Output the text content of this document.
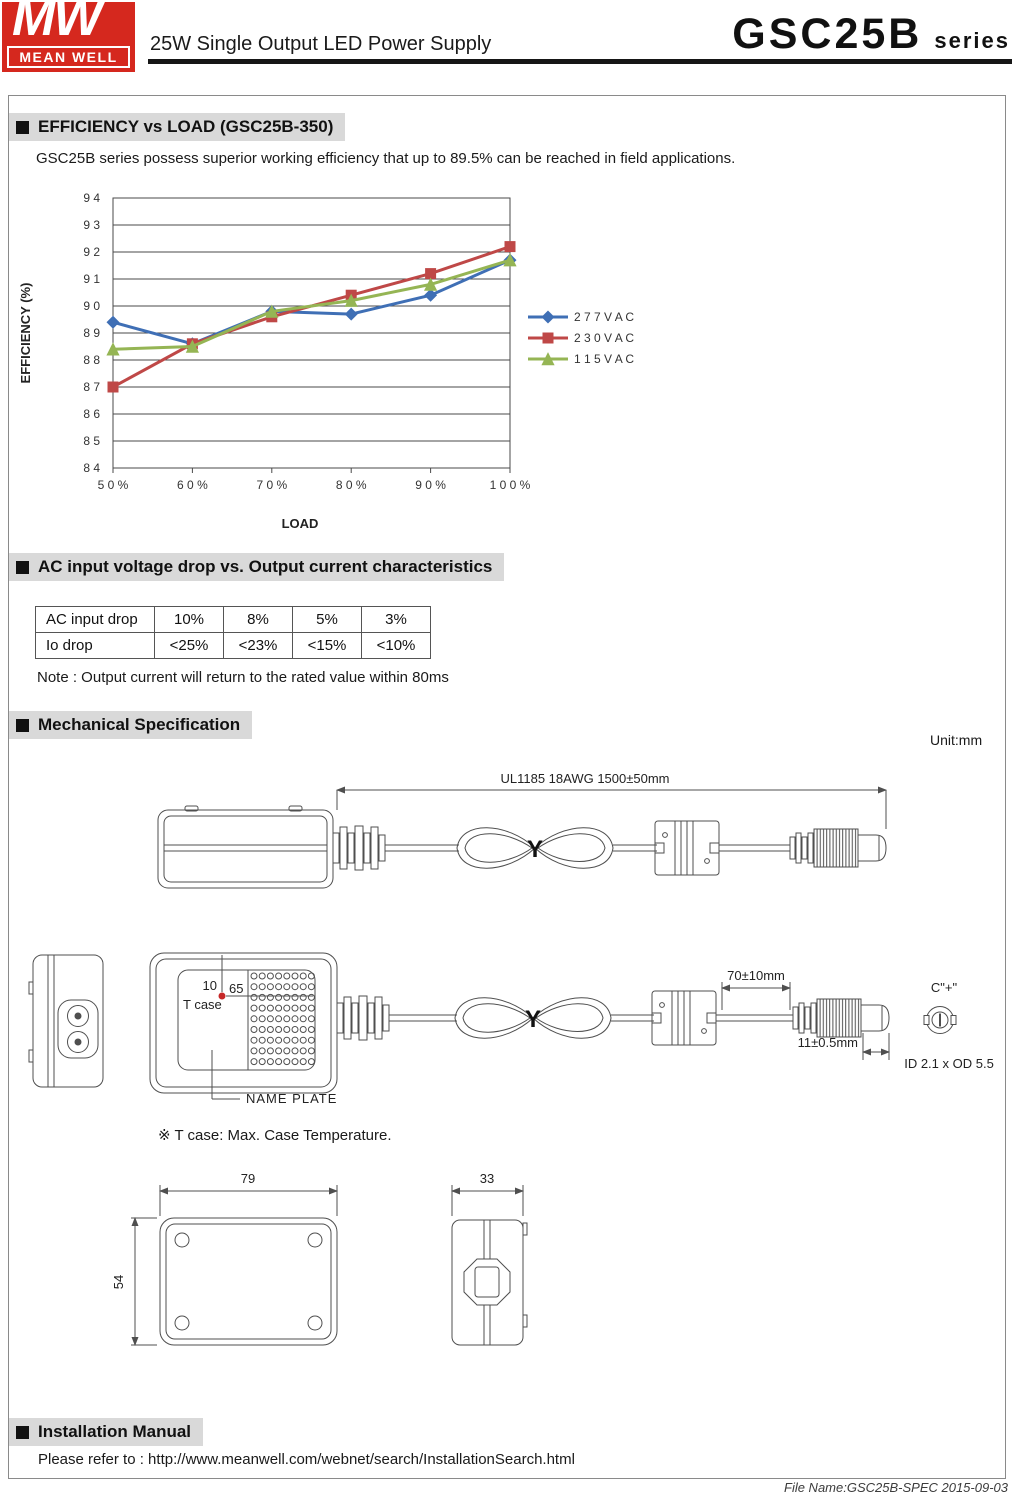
MW
MEAN WELL
25W Single Output LED Power Supply	GSC25B series
EFFICIENCY vs LOAD (GSC25B-350)
GSC25B series possess superior working efficiency that up to 89.5% can be reached in field applications.
EFFICIENCY (%)
LOAD
8 4
8 5
8 6
8 7
8 8
8 9
9 0
9 1
9 2
9 3
9 4
5 0 %	6 0 %	7 0 %	8 0 %	9 0 %	1 0 0 %
2 7 7 V A C
2 3 0 V A C
1 1 5 V A C
AC input voltage drop vs. Output current characteristics
AC input drop	10%	8%	5%	3%
Io drop	<25%	<23%	<15%	<10%
Note : Output current will return to the rated value within 80ms
Mechanical Specification
Unit:mm
UL1185 18AWG 1500±50mm
Y
Y
10 65
T case
NAME PLATE
70±10mm
11±0.5mm
C"+"
ID 2.1 x OD 5.5
※ T case: Max. Case Temperature.
79
54
33
Installation Manual
Please refer to : http://www.meanwell.com/webnet/search/InstallationSearch.html
File Name:GSC25B-SPEC 2015-09-03
